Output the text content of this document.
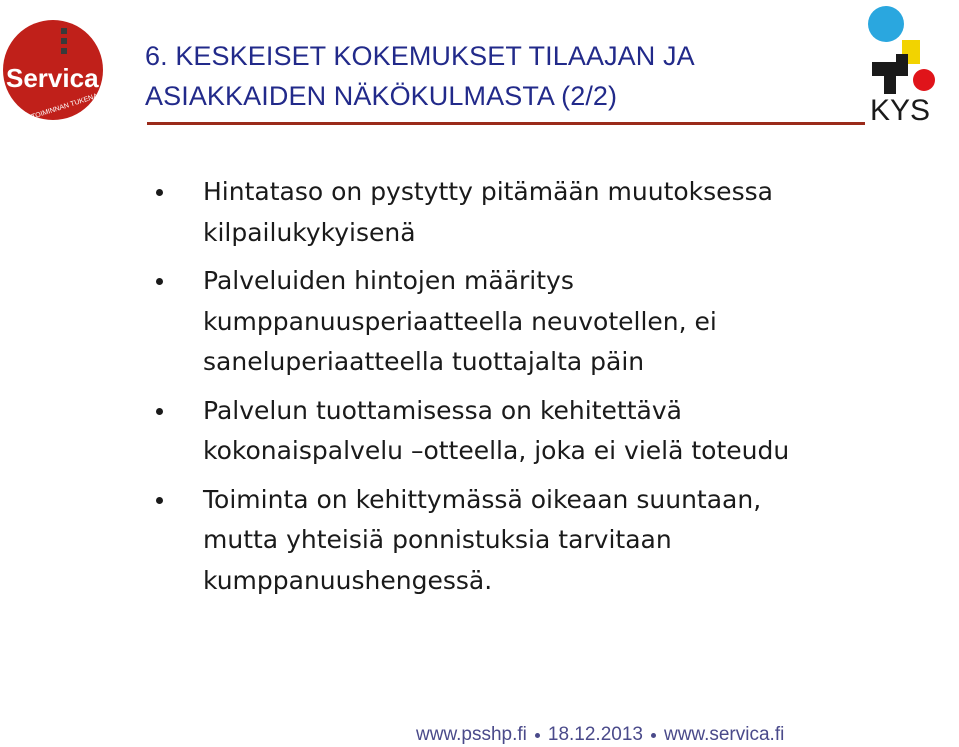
Servica
TOIMINNAN TUKENA	KYS
6. KESKEISET KOKEMUKSET TILAAJAN JA
ASIAKKAIDEN NÄKÖKULMASTA (2/2)
Hintataso on pystytty pitämään muutoksessa
kilpailukykyisenä
Palveluiden hintojen määritys
kumppanuusperiaatteella neuvotellen, ei
saneluperiaatteella tuottajalta päin
Palvelun tuottamisessa on kehitettävä
kokonaispalvelu –otteella, joka ei vielä toteudu
Toiminta on kehittymässä oikeaan suuntaan,
mutta yhteisiä ponnistuksia tarvitaan
kumppanuushengessä.
www.psshp.fi 18.12.2013 www.servica.fi
